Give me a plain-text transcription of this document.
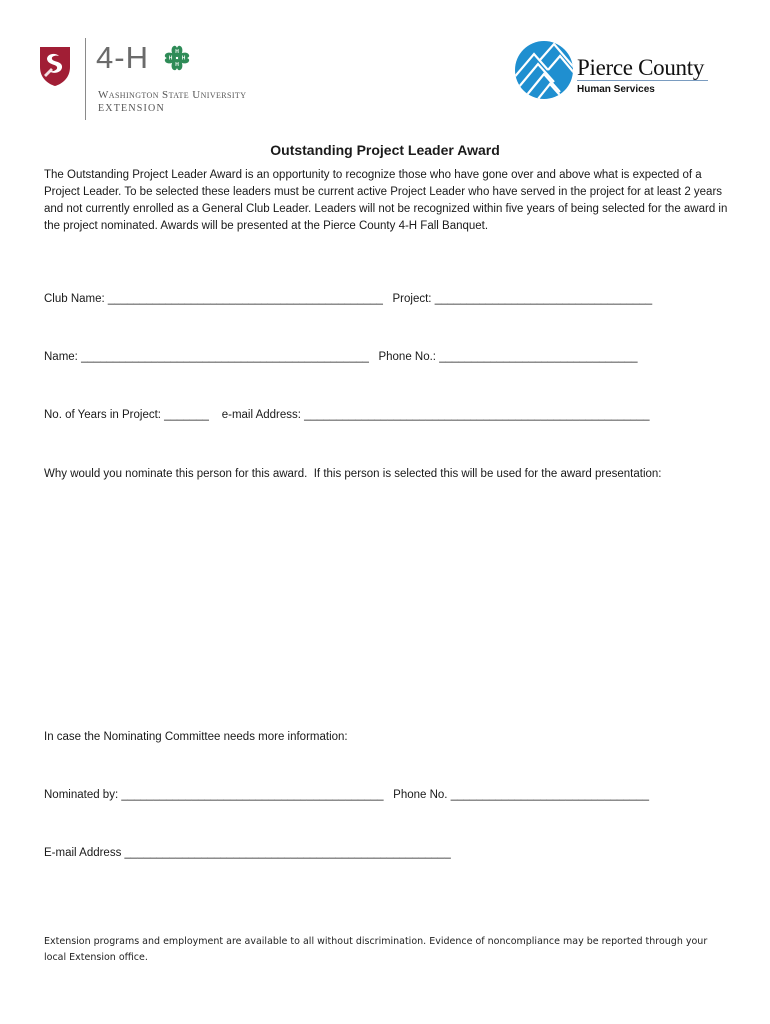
4-H	H
H
H H
Washington State University
EXTENSION
Pierce County
Human Services
Outstanding Project Leader Award

The Outstanding Project Leader Award is an opportunity to recognize those who have gone over and above what is expected of a Project Leader. To be selected these leaders must be current active Project Leader who have served in the project for at least 2 years and not currently enrolled as a General Club Leader. Leaders will not be recognized within five years of being selected for the award in the project nominated. Awards will be presented at the Pierce County 4-H Fall Banquet.

Club Name: ___________________________________________   Project: __________________________________
Name: _____________________________________________   Phone No.: _______________________________
No. of Years in Project: _______    e-mail Address: ______________________________________________________
Why would you nominate this person for this award.  If this person is selected this will be used for the award presentation:
In case the Nominating Committee needs more information:
Nominated by: _________________________________________   Phone No. _______________________________
E-mail Address ___________________________________________________

Extension programs and employment are available to all without discrimination. Evidence of noncompliance may be reported through your local Extension office.
